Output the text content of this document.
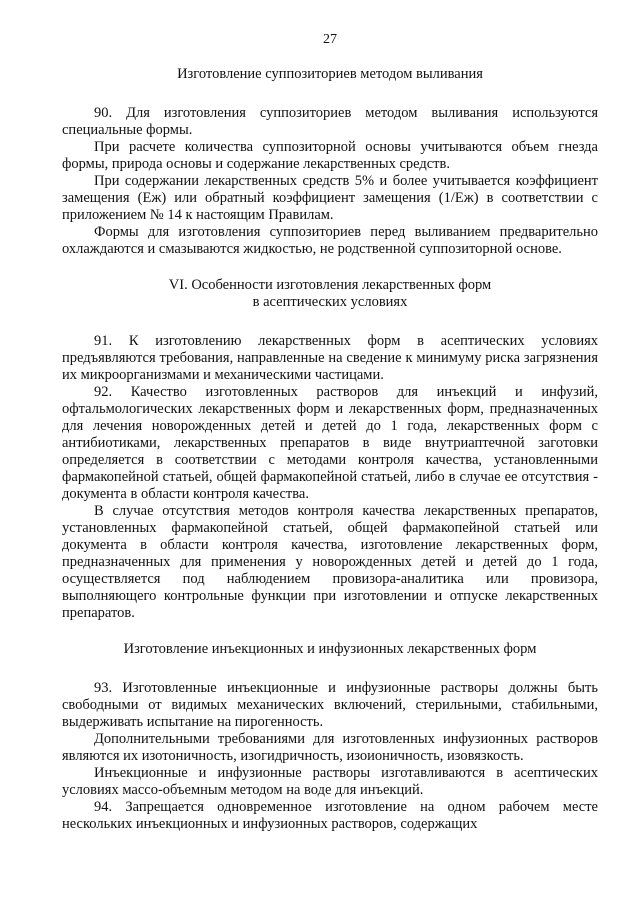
27
Изготовление суппозиториев методом выливания

90. Для изготовления суппозиториев методом выливания используются специальные формы.

При расчете количества суппозиторной основы учитываются объем гнезда формы, природа основы и содержание лекарственных средств.

При содержании лекарственных средств 5% и более учитывается коэффициент замещения (Еж) или обратный коэффициент замещения (1/Еж) в соответствии с приложением № 14 к настоящим Правилам.

Формы для изготовления суппозиториев перед выливанием предварительно охлаждаются и смазываются жидкостью, не родственной суппозиторной основе.

VI. Особенности изготовления лекарственных форм
в асептических условиях

91. К изготовлению лекарственных форм в асептических условиях предъявляются требования, направленные на сведение к минимуму риска загрязнения их микроорганизмами и механическими частицами.

92. Качество изготовленных растворов для инъекций и инфузий, офтальмологических лекарственных форм и лекарственных форм, предназначенных для лечения новорожденных детей и детей до 1 года, лекарственных форм с антибиотиками, лекарственных препаратов в виде внутриаптечной заготовки определяется в соответствии с методами контроля качества, установленными фармакопейной статьей, общей фармакопейной статьей, либо в случае ее отсутствия - документа в области контроля качества.

В случае отсутствия методов контроля качества лекарственных препаратов, установленных фармакопейной статьей, общей фармакопейной статьей или документа в области контроля качества, изготовление лекарственных форм, предназначенных для применения у новорожденных детей и детей до 1 года, осуществляется под наблюдением провизора-аналитика или провизора, выполняющего контрольные функции при изготовлении и отпуске лекарственных препаратов.

Изготовление инъекционных и инфузионных лекарственных форм

93. Изготовленные инъекционные и инфузионные растворы должны быть свободными от видимых механических включений, стерильными, стабильными, выдерживать испытание на пирогенность.

Дополнительными требованиями для изготовленных инфузионных растворов являются их изотоничность, изогидричность, изоионичность, изовязкость.

Инъекционные и инфузионные растворы изготавливаются в асептических условиях массо-объемным методом на воде для инъекций.

94. Запрещается одновременное изготовление на одном рабочем месте нескольких инъекционных и инфузионных растворов, содержащих
